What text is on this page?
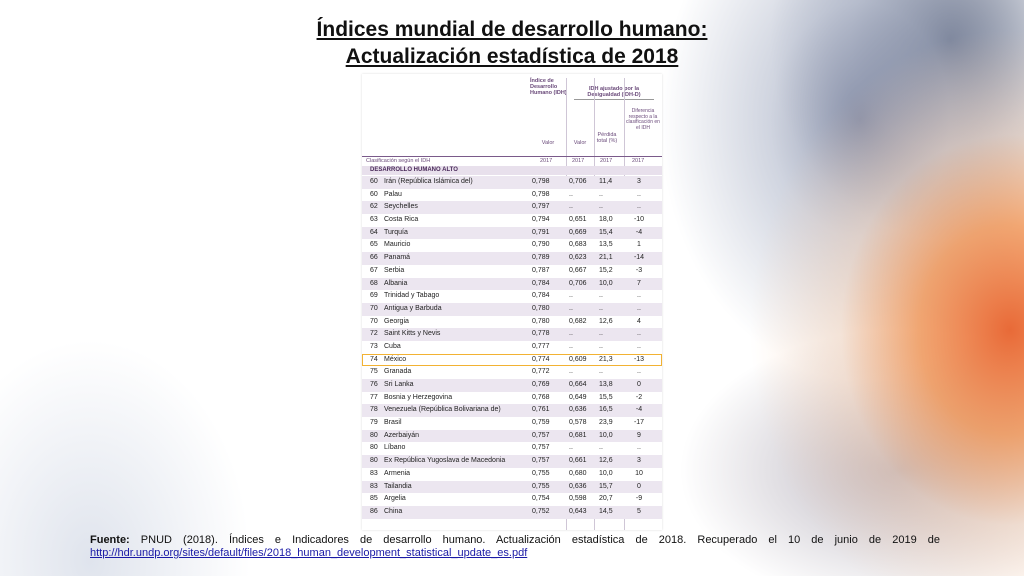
Índices mundial de desarrollo humano:
Actualización estadística de 2018
Índice de Desarrollo Humano (IDH)
IDH ajustado por la Desigualdad (IDH-D)
Diferencia respecto a la clasificación en el IDH
Valor	Valor
Pérdida total (%)
Clasificación según el IDH	2017	2017	2017	2017
DESARROLLO HUMANO ALTO
60 Irán (República Islámica del)	0,798	0,706	11,4	3
60 Palau	0,798	..	..	..
62 Seychelles	0,797	..	..	..
63 Costa Rica	0,794	0,651	18,0	-10
64 Turquía	0,791	0,669	15,4	-4
65 Mauricio	0,790	0,683	13,5	1
66 Panamá	0,789	0,623	21,1	-14
67 Serbia	0,787	0,667	15,2	-3
68 Albania	0,784	0,706	10,0	7
69 Trinidad y Tabago	0,784	..	..	..
70 Antigua y Barbuda	0,780	..	..	..
70 Georgia	0,780	0,682	12,6	4
72 Saint Kitts y Nevis	0,778	..	..	..
73 Cuba	0,777	..	..	..
74 México	0,774	0,609	21,3	-13
75 Granada	0,772	..	..	..
76 Sri Lanka	0,769	0,664	13,8	0
77 Bosnia y Herzegovina	0,768	0,649	15,5	-2
78 Venezuela (República Bolivariana de)	0,761	0,636	16,5	-4
79 Brasil	0,759	0,578	23,9	-17
80 Azerbaiyán	0,757	0,681	10,0	9
80 Líbano	0,757	..	..	..
80 Ex República Yugoslava de Macedonia	0,757	0,661	12,6	3
83 Armenia	0,755	0,680	10,0	10
83 Tailandia	0,755	0,636	15,7	0
85 Argelia	0,754	0,598	20,7	-9
86 China	0,752	0,643	14,5	5
Fuente: PNUD (2018). Índices e Indicadores de desarrollo humano. Actualización estadística de 2018. Recuperado el 10 de junio de 2019 de http://hdr.undp.org/sites/default/files/2018_human_development_statistical_update_es.pdf
